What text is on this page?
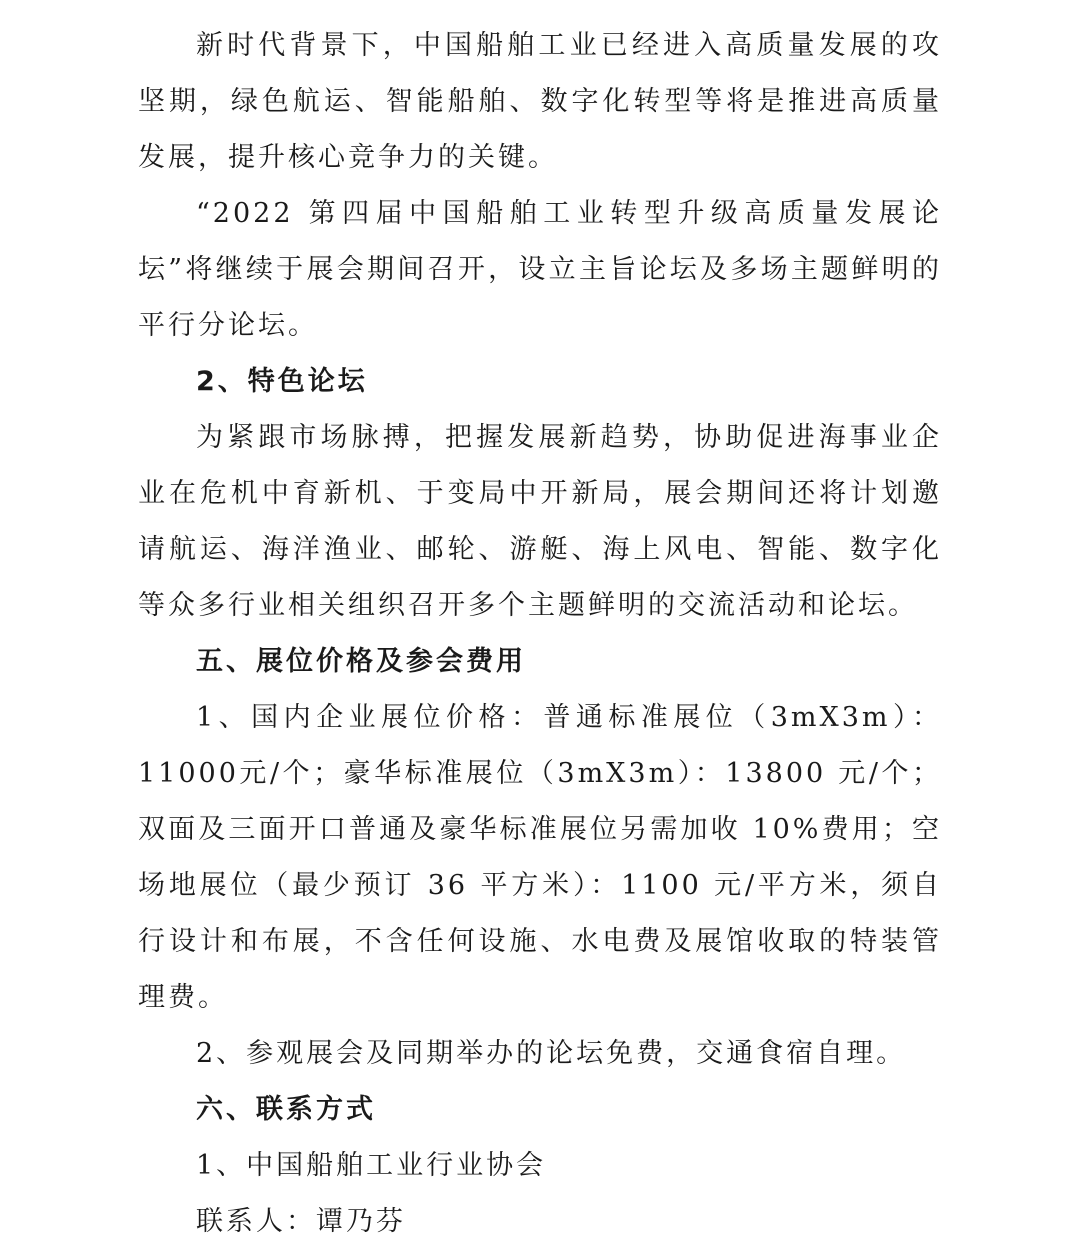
新时代背景下，中国船舶工业已经进入高质量发展的攻坚期，绿色航运、智能船舶、数字化转型等将是推进高质量发展，提升核心竞争力的关键。

“2022 第四届中国船舶工业转型升级高质量发展论坛”将继续于展会期间召开，设立主旨论坛及多场主题鲜明的平行分论坛。

2、特色论坛

为紧跟市场脉搏，把握发展新趋势，协助促进海事业企业在危机中育新机、于变局中开新局，展会期间还将计划邀请航运、海洋渔业、邮轮、游艇、海上风电、智能、数字化等众多行业相关组织召开多个主题鲜明的交流活动和论坛。

五、展位价格及参会费用

1、国内企业展位价格：普通标准展位（3mX3m）：11000元/个；豪华标准展位（3mX3m）：13800 元/个；双面及三面开口普通及豪华标准展位另需加收 10%费用；空场地展位（最少预订 36 平方米）：1100 元/平方米，须自行设计和布展，不含任何设施、水电费及展馆收取的特装管理费。

2、参观展会及同期举办的论坛免费，交通食宿自理。

六、联系方式

1、中国船舶工业行业协会

联系人：谭乃芬
